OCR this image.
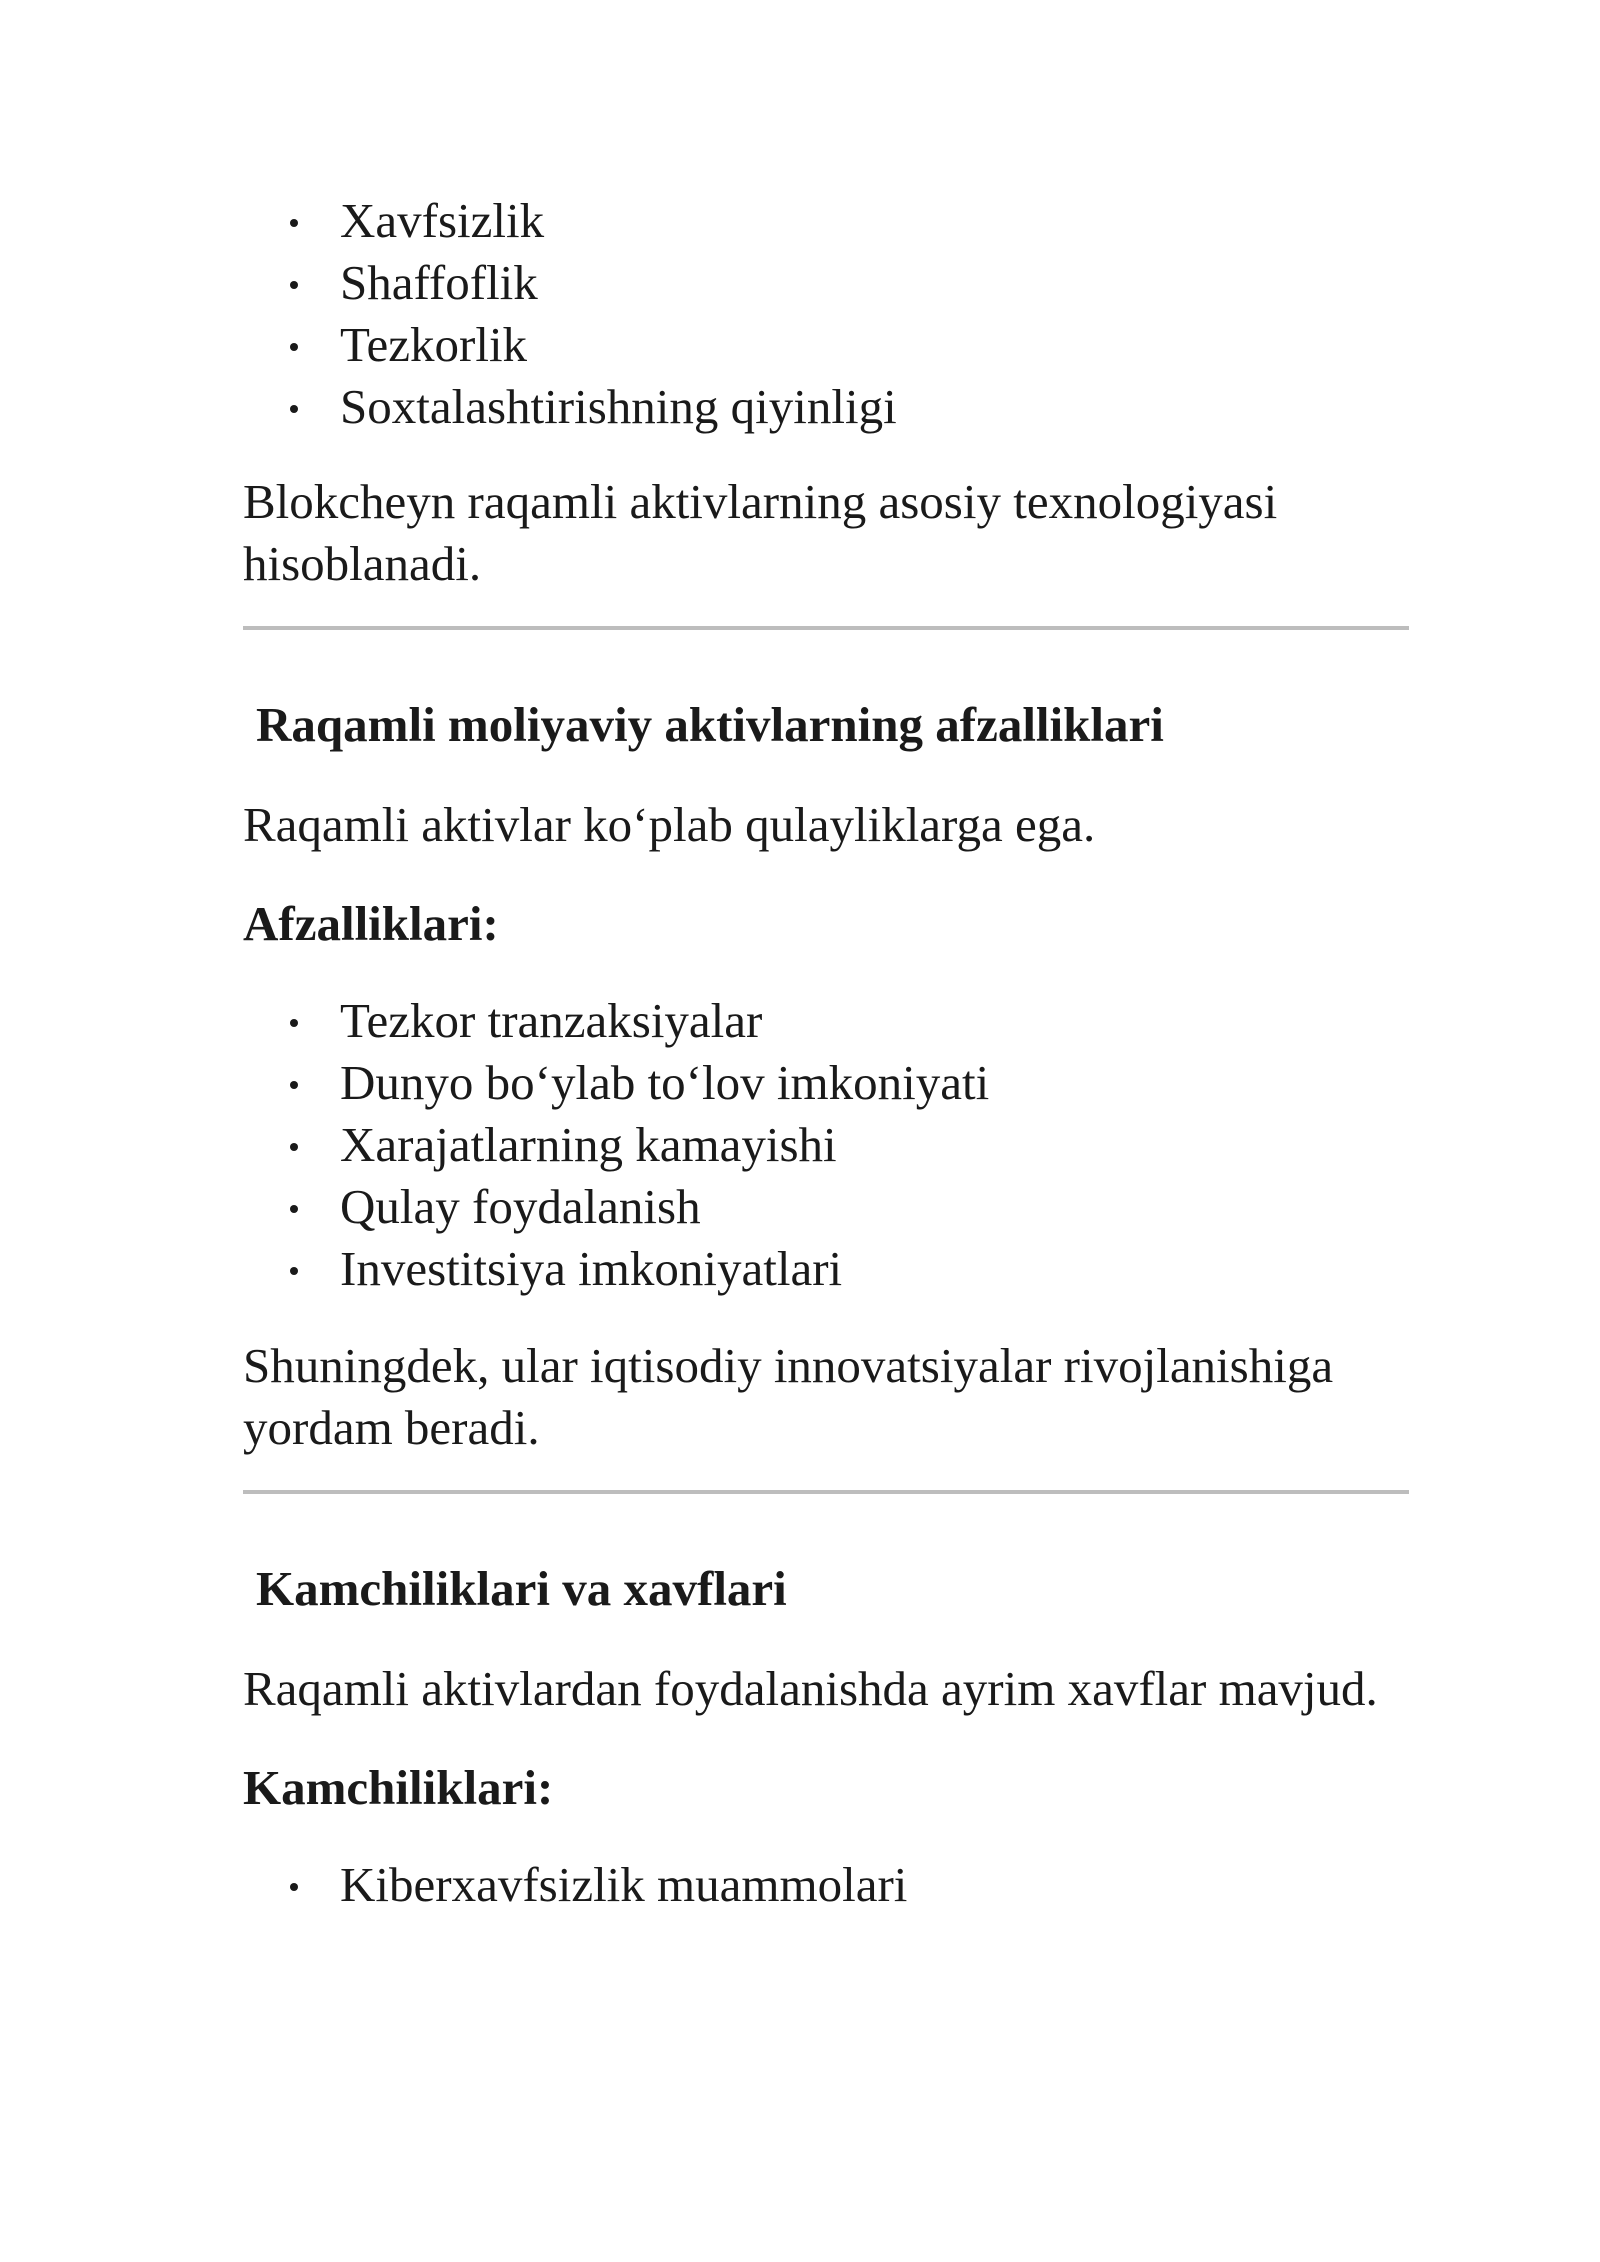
Xavfsizlik
Shaffoflik
Tezkorlik
Soxtalashtirishning qiyinligi

Blokcheyn raqamli aktivlarning asosiy texnologiyasi hisoblanadi.

Raqamli moliyaviy aktivlarning afzalliklari

Raqamli aktivlar ko‘plab qulayliklarga ega.

Afzalliklari:
Tezkor tranzaksiyalar
Dunyo bo‘ylab to‘lov imkoniyati
Xarajatlarning kamayishi
Qulay foydalanish
Investitsiya imkoniyatlari

Shuningdek, ular iqtisodiy innovatsiyalar rivojlanishiga yordam beradi.

Kamchiliklari va xavflari

Raqamli aktivlardan foydalanishda ayrim xavflar mavjud.

Kamchiliklari:
Kiberxavfsizlik muammolari
